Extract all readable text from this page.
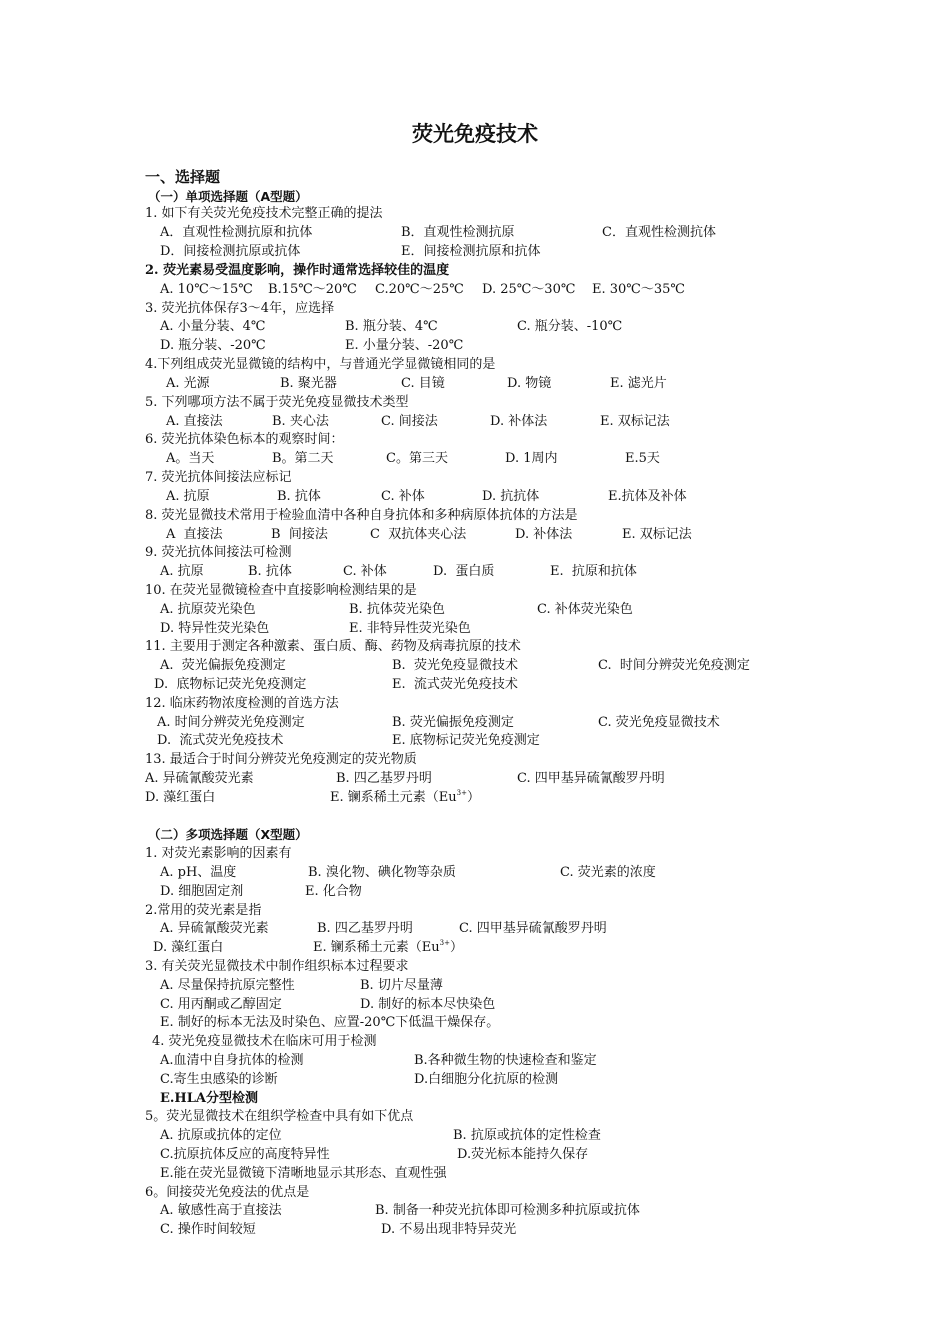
荧光免疫技术
一、选择题
（一）单项选择题（A型题）
（二）多项选择题（X型题）
1. 如下有关荧光免疫技术完整正确的提法
A．直观性检测抗原和抗体	B．直观性检测抗原	C．直观性检测抗体
D．间接检测抗原或抗体	E．间接检测抗原和抗体
2. 荧光素易受温度影响，操作时通常选择较佳的温度
A. 10℃～15℃ B.15℃～20℃ C.20℃～25℃ D. 25℃～30℃ E. 30℃～35℃
3. 荧光抗体保存3～4年，应选择
A. 小量分装、4℃	B. 瓶分装、4℃	C. 瓶分装、-10℃
D. 瓶分装、-20℃	E. 小量分装、-20℃
4.下列组成荧光显微镜的结构中，与普通光学显微镜相同的是
A. 光源	B. 聚光器	C. 目镜	D. 物镜	E. 滤光片
5. 下列哪项方法不属于荧光免疫显微技术类型
A. 直接法	B. 夹心法	C. 间接法	D. 补体法	E. 双标记法
6. 荧光抗体染色标本的观察时间：
A。当天	B。第二天	C。第三天	D. 1周内	E.5天
7. 荧光抗体间接法应标记
A. 抗原	B. 抗体	C. 补体	D. 抗抗体	E.抗体及补体
8. 荧光显微技术常用于检验血清中各种自身抗体和多种病原体抗体的方法是
A  直接法	B  间接法	C  双抗体夹心法	D. 补体法	E. 双标记法
9. 荧光抗体间接法可检测
A. 抗原	B. 抗体	C. 补体	D.  蛋白质	E.  抗原和抗体
10. 在荧光显微镜检查中直接影响检测结果的是
A. 抗原荧光染色	B. 抗体荧光染色	C. 补体荧光染色
D. 特异性荧光染色	E. 非特异性荧光染色
11. 主要用于测定各种激素、蛋白质、酶、药物及病毒抗原的技术
A.  荧光偏振免疫测定	B.  荧光免疫显微技术	C.  时间分辨荧光免疫测定
D.  底物标记荧光免疫测定	E.  流式荧光免疫技术
12. 临床药物浓度检测的首选方法
A. 时间分辨荧光免疫测定	B. 荧光偏振免疫测定	C. 荧光免疫显微技术
D.  流式荧光免疫技术	E. 底物标记荧光免疫测定
13. 最适合于时间分辨荧光免疫测定的荧光物质
A. 异硫氰酸荧光素	B. 四乙基罗丹明	C. 四甲基异硫氰酸罗丹明
D. 藻红蛋白	E. 镧系稀土元素$(Eu^{3+})$
1. 对荧光素影响的因素有
A. pH、温度	B. 溴化物、碘化物等杂质	C. 荧光素的浓度
D. 细胞固定剂	E. 化合物
2.常用的荧光素是指
A. 异硫氰酸荧光素	B. 四乙基罗丹明	C. 四甲基异硫氰酸罗丹明
D. 藻红蛋白	E. 镧系稀土元素$(Eu^{3+})$
3. 有关荧光显微技术中制作组织标本过程要求
A. 尽量保持抗原完整性	B. 切片尽量薄
C. 用丙酮或乙醇固定	D. 制好的标本尽快染色
E. 制好的标本无法及时染色、应置-20℃下低温干燥保存。
4. 荧光免疫显微技术在临床可用于检测
A.血清中自身抗体的检测	B.各种微生物的快速检查和鉴定
C.寄生虫感染的诊断	D.白细胞分化抗原的检测
E.HLA分型检测
5。荧光显微技术在组织学检查中具有如下优点
A. 抗原或抗体的定位	B. 抗原或抗体的定性检查
C.抗原抗体反应的高度特异性	D.荧光标本能持久保存
E.能在荧光显微镜下清晰地显示其形态、直观性强
6。间接荧光免疫法的优点是
A. 敏感性高于直接法	B. 制备一种荧光抗体即可检测多种抗原或抗体
C. 操作时间较短	D. 不易出现非特异荧光
